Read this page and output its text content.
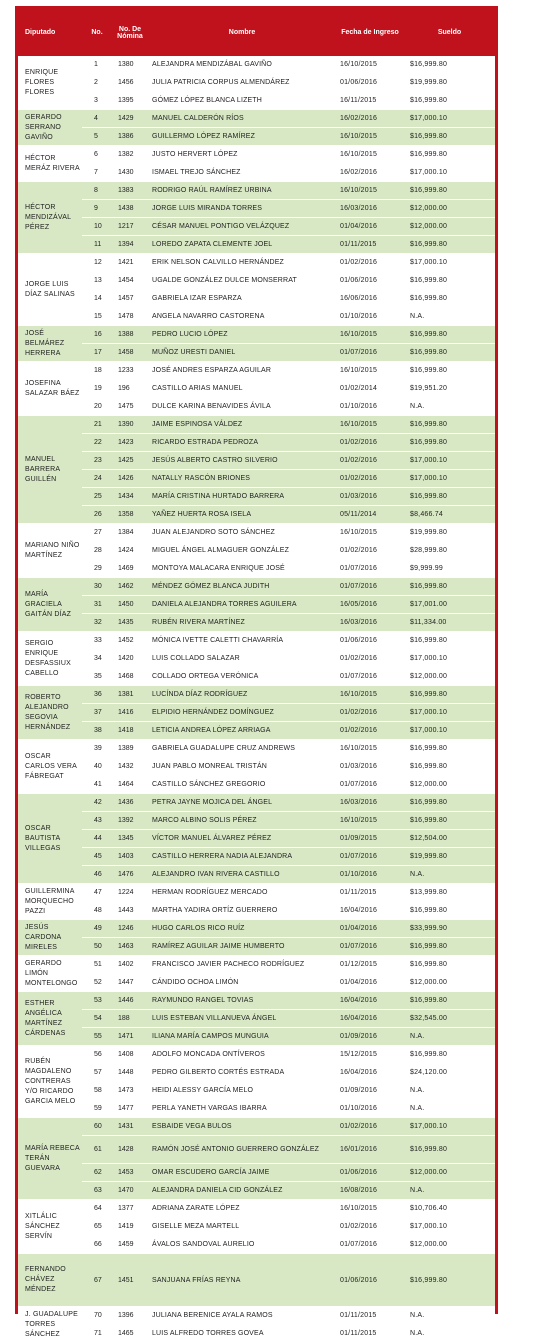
Diputado	No.	No. De Nómina	Nombre	Fecha de Ingreso	Sueldo
ENRIQUE FLORES FLORES	1	1380	ALEJANDRA MENDIZÁBAL GAVIÑO	16/10/2015	$16,999.80
	2	1456	JULIA PATRICIA CORPUS ALMENDÁREZ	01/06/2016	$19,999.80
	3	1395	GÓMEZ LÓPEZ BLANCA LIZETH	16/11/2015	$16,999.80
GERARDO SERRANO GAVIÑO	4	1429	MANUEL CALDERÓN RÍOS	16/02/2016	$17,000.10
	5	1386	GUILLERMO LÓPEZ RAMÍREZ	16/10/2015	$16,999.80
HÉCTOR MERÁZ RIVERA	6	1382	JUSTO HERVERT LÓPEZ	16/10/2015	$16,999.80
	7	1430	ISMAEL TREJO SÁNCHEZ	16/02/2016	$17,000.10
HÉCTOR MENDIZÁVAL PÉREZ	8	1383	RODRIGO RAÚL RAMÍREZ URBINA	16/10/2015	$16,999.80
	9	1438	JORGE LUIS MIRANDA TORRES	16/03/2016	$12,000.00
	10	1217	CÉSAR MANUEL PONTIGO VELÁZQUEZ	01/04/2016	$12,000.00
	11	1394	LOREDO ZAPATA CLEMENTE JOEL	01/11/2015	$16,999.80
JORGE LUIS DÍAZ SALINAS	12	1421	ERIK NELSON CALVILLO HERNÁNDEZ	01/02/2016	$17,000.10
	13	1454	UGALDE GONZÁLEZ DULCE MONSERRAT	01/06/2016	$16,999.80
	14	1457	GABRIELA IZAR ESPARZA	16/06/2016	$16,999.80
	15	1478	ANGELA NAVARRO CASTORENA	01/10/2016	N.A.
JOSÉ BELMÁREZ HERRERA	16	1388	PEDRO LUCIO LÓPEZ	16/10/2015	$16,999.80
	17	1458	MUÑOZ URESTI DANIEL	01/07/2016	$16,999.80
JOSEFINA SALAZAR BÁEZ	18	1233	JOSÉ ANDRES ESPARZA AGUILAR	16/10/2015	$16,999.80
	19	196	CASTILLO ARIAS MANUEL	01/02/2014	$19,951.20
	20	1475	DULCE KARINA BENAVIDES ÁVILA	01/10/2016	N.A.
MANUEL BARRERA GUILLÉN	21	1390	JAIME ESPINOSA VÁLDEZ	16/10/2015	$16,999.80
	22	1423	RICARDO ESTRADA PEDROZA	01/02/2016	$16,999.80
	23	1425	JESÚS ALBERTO CASTRO SILVERIO	01/02/2016	$17,000.10
	24	1426	NATALLY RASCÓN BRIONES	01/02/2016	$17,000.10
	25	1434	MARÍA CRISTINA HURTADO BARRERA	01/03/2016	$16,999.80
	26	1358	YAÑEZ HUERTA ROSA ISELA	05/11/2014	$8,466.74
MARIANO NIÑO MARTÍNEZ	27	1384	JUAN ALEJANDRO SOTO SÁNCHEZ	16/10/2015	$19,999.80
	28	1424	MIGUEL ÁNGEL ALMAGUER GONZÁLEZ	01/02/2016	$28,999.80
	29	1469	MONTOYA MALACARA ENRIQUE JOSÉ	01/07/2016	$9,999.99
MARÍA GRACIELA GAITÁN DÍAZ	30	1462	MÉNDEZ GÓMEZ BLANCA JUDITH	01/07/2016	$16,999.80
	31	1450	DANIELA ALEJANDRA TORRES AGUILERA	16/05/2016	$17,001.00
	32	1435	RUBÉN RIVERA MARTÍNEZ	16/03/2016	$11,334.00
SERGIO ENRIQUE DESFASSIUX CABELLO	33	1452	MÓNICA IVETTE CALETTI CHAVARRÍA	01/06/2016	$16,999.80
	34	1420	LUIS COLLADO SALAZAR	01/02/2016	$17,000.10
	35	1468	COLLADO ORTEGA VERÓNICA	01/07/2016	$12,000.00
ROBERTO ALEJANDRO SEGOVIA HERNÁNDEZ	36	1381	LUCÍNDA DÍAZ RODRÍGUEZ	16/10/2015	$16,999.80
	37	1416	ELPIDIO HERNÁNDEZ DOMÍNGUEZ	01/02/2016	$17,000.10
	38	1418	LETICIA ANDREA LÓPEZ ARRIAGA	01/02/2016	$17,000.10
OSCAR CARLOS VERA FÁBREGAT	39	1389	GABRIELA GUADALUPE CRUZ ANDREWS	16/10/2015	$16,999.80
	40	1432	JUAN PABLO MONREAL TRISTÁN	01/03/2016	$16,999.80
	41	1464	CASTILLO SÁNCHEZ GREGORIO	01/07/2016	$12,000.00
OSCAR BAUTISTA VILLEGAS	42	1436	PETRA JAYNE MOJICA DEL ÁNGEL	16/03/2016	$16,999.80
	43	1392	MARCO ALBINO SOLIS PÉREZ	16/10/2015	$16,999.80
	44	1345	VÍCTOR MANUEL ÁLVAREZ PÉREZ	01/09/2015	$12,504.00
	45	1403	CASTILLO HERRERA NADIA ALEJANDRA	01/07/2016	$19,999.80
	46	1476	ALEJANDRO IVAN RIVERA CASTILLO	01/10/2016	N.A.
GUILLERMINA MORQUECHO PAZZI	47	1224	HERMAN RODRÍGUEZ MERCADO	01/11/2015	$13,999.80
	48	1443	MARTHA YADIRA ORTÍZ GUERRERO	16/04/2016	$16,999.80
JESÚS CARDONA MIRELES	49	1246	HUGO CARLOS RICO RUÍZ	01/04/2016	$33,999.90
	50	1463	RAMÍREZ AGUILAR JAIME HUMBERTO	01/07/2016	$16,999.80
GERARDO LIMÓN MONTELONGO	51	1402	FRANCISCO JAVIER PACHECO RODRÍGUEZ	01/12/2015	$16,999.80
	52	1447	CÁNDIDO OCHOA LIMÓN	01/04/2016	$12,000.00
ESTHER ANGÉLICA MARTÍNEZ CÁRDENAS	53	1446	RAYMUNDO RANGEL TOVIAS	16/04/2016	$16,999.80
	54	188	LUIS ESTEBAN VILLANUEVA ÁNGEL	16/04/2016	$32,545.00
	55	1471	ILIANA MARÍA CAMPOS MUNGUIA	01/09/2016	N.A.
RUBÉN MAGDALENO CONTRERAS Y/O RICARDO GARCIA MELO	56	1408	ADOLFO MONCADA ONTÍVEROS	15/12/2015	$16,999.80
	57	1448	PEDRO GILBERTO CORTÉS ESTRADA	16/04/2016	$24,120.00
	58	1473	HEIDI ALESSY GARCÍA MELO	01/09/2016	N.A.
	59	1477	PERLA YANETH VARGAS IBARRA	01/10/2016	N.A.
MARÍA REBECA TERÁN GUEVARA	60	1431	ESBAIDE VEGA BULOS	01/02/2016	$17,000.10
	61	1428	RAMÓN JOSÉ ANTONIO GUERRERO GONZÁLEZ	16/01/2016	$16,999.80
	62	1453	OMAR ESCUDERO GARCÍA JAIME	01/06/2016	$12,000.00
	63	1470	ALEJANDRA DANIELA CID GONZÁLEZ	16/08/2016	N.A.
XITLÁLIC SÁNCHEZ SERVÍN	64	1377	ADRIANA ZARATE LÓPEZ	16/10/2015	$10,706.40
	65	1419	GISELLE MEZA MARTELL	01/02/2016	$17,000.10
	66	1459	ÁVALOS SANDOVAL AURELIO	01/07/2016	$12,000.00
FERNANDO CHÁVEZ MÉNDEZ	67	1451	SANJUANA FRÍAS REYNA	01/06/2016	$16,999.80
J. GUADALUPE TORRES SÁNCHEZ	70	1396	JULIANA BERENICE AYALA RAMOS	01/11/2015	N.A.
	71	1465	LUIS ALFREDO TORRES GOVEA	01/11/2015	N.A.
